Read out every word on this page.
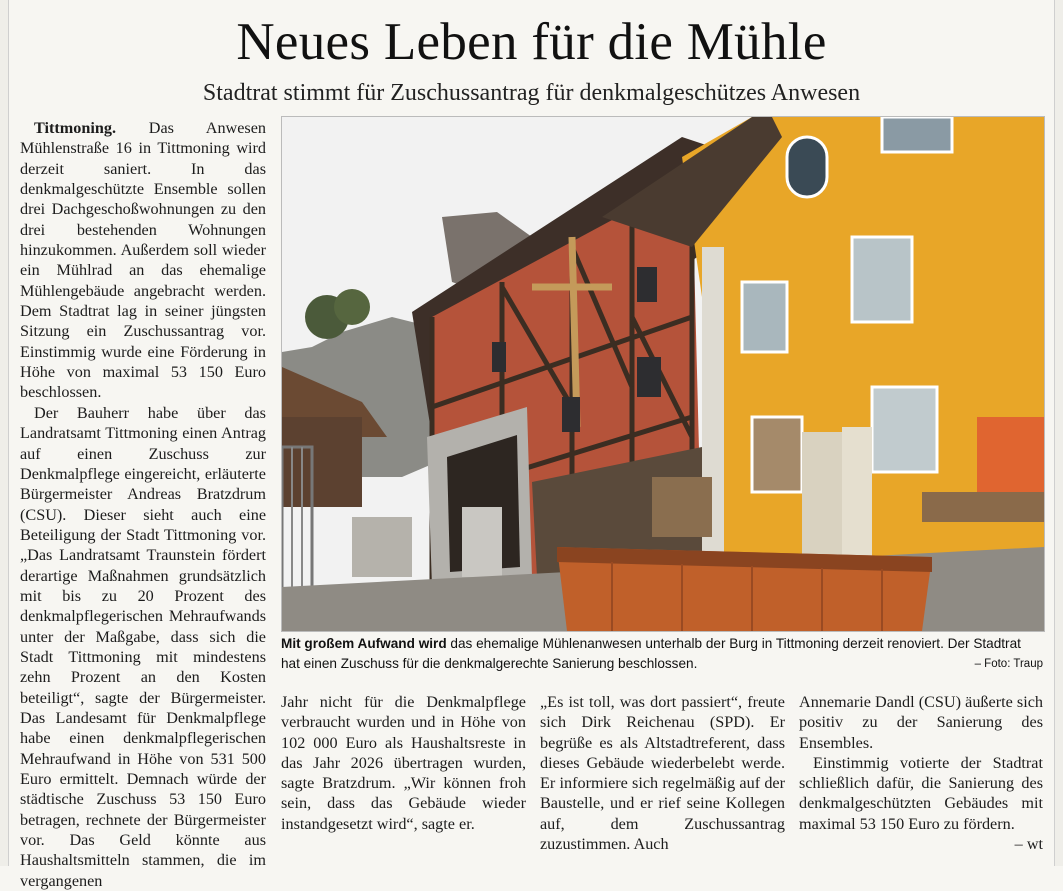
Neues Leben für die Mühle
Stadtrat stimmt für Zuschussantrag für denkmalgeschützes Anwesen

Tittmoning. Das Anwesen Mühlenstraße 16 in Tittmoning wird derzeit saniert. In das denkmalgeschützte Ensemble sollen drei Dachgeschoßwohnungen zu den drei bestehenden Wohnungen hinzukommen. Außerdem soll wieder ein Mühlrad an das ehemalige Mühlengebäude angebracht werden. Dem Stadtrat lag in seiner jüngsten Sitzung ein Zuschussantrag vor. Einstimmig wurde eine Förderung in Höhe von maximal 53 150 Euro beschlossen.

Der Bauherr habe über das Landratsamt Tittmoning einen Antrag auf einen Zuschuss zur Denkmalpflege eingereicht, erläuterte Bürgermeister Andreas Bratzdrum (CSU). Dieser sieht auch eine Beteiligung der Stadt Tittmoning vor. „Das Landratsamt Traunstein fördert derartige Maßnahmen grundsätzlich mit bis zu 20 Prozent des denkmalpflegerischen Mehraufwands unter der Maßgabe, dass sich die Stadt Tittmoning mit mindestens zehn Prozent an den Kosten beteiligt“, sagte der Bürgermeister. Das Landesamt für Denkmalpflege habe einen denkmalpflegerischen Mehraufwand in Höhe von 531 500 Euro ermittelt. Demnach würde der städtische Zuschuss 53 150 Euro betragen, rechnete der Bürgermeister vor. Das Geld könnte aus Haushaltsmitteln stammen, die im vergangenen

Mit großem Aufwand wird das ehemalige Mühlenanwesen unterhalb der Burg in Tittmoning derzeit renoviert. Der Stadtrat hat einen Zuschuss für die denkmalgerechte Sanierung beschlossen.	– Foto: Traup

Jahr nicht für die Denkmalpflege verbraucht wurden und in Höhe von 102 000 Euro als Haushaltsreste in das Jahr 2026 übertragen wurden, sagte Bratzdrum. „Wir können froh sein, dass das Gebäude wieder instandgesetzt wird“, sagte er.

„Es ist toll, was dort passiert“, freute sich Dirk Reichenau (SPD). Er begrüße es als Altstadtreferent, dass dieses Gebäude wiederbelebt werde. Er informiere sich regelmäßig auf der Baustelle, und er rief seine Kollegen auf, dem Zuschussantrag zuzustimmen. Auch

Annemarie Dandl (CSU) äußerte sich positiv zu der Sanierung des Ensembles.

Einstimmig votierte der Stadtrat schließlich dafür, die Sanierung des denkmalgeschützten Gebäudes mit maximal 53 150 Euro zu fördern.
– wt
